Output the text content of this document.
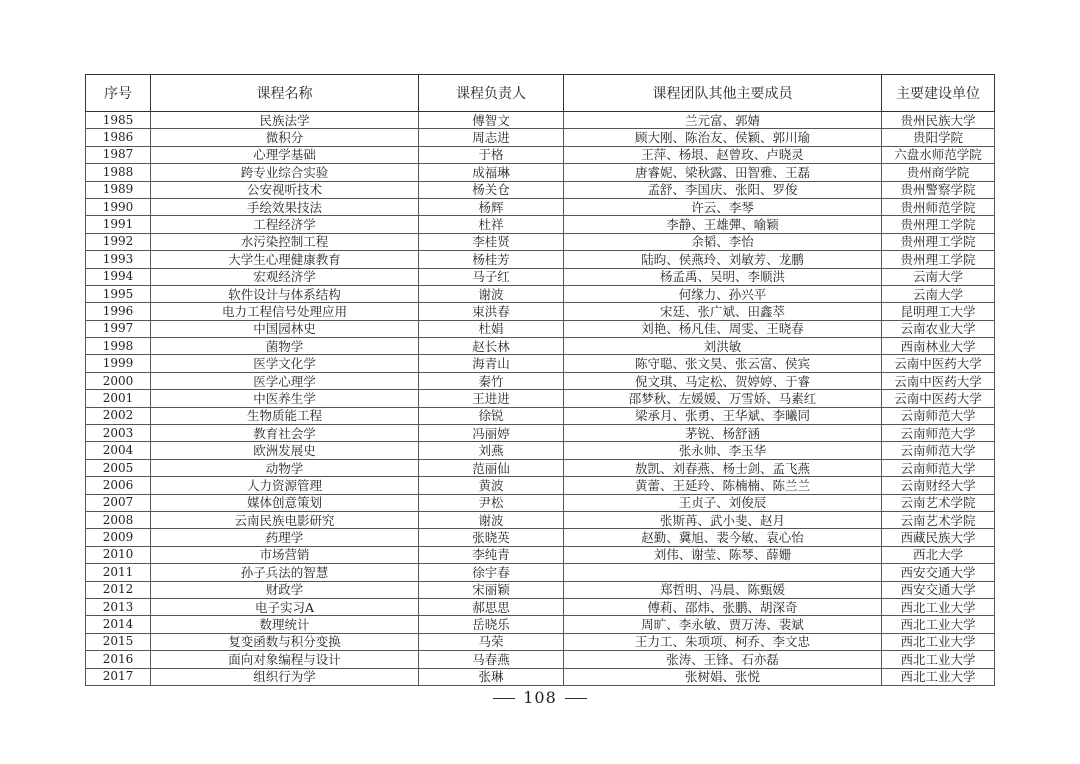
序号	课程名称	课程负责人	课程团队其他主要成员	主要建设单位
1985	民族法学	傅智文	兰元富、郭婧	贵州民族大学
1986	微积分	周志进	顾大刚、陈治友、侯颖、郭川瑜	贵阳学院
1987	心理学基础	于格	王萍、杨垠、赵曾玫、卢晓灵	六盘水师范学院
1988	跨专业综合实验	成福琳	唐睿妮、梁秋露、田智雅、王磊	贵州商学院
1989	公安视听技术	杨关仓	孟舒、李国庆、张阳、罗俊	贵州警察学院
1990	手绘效果技法	杨辉	许云、李琴	贵州师范学院
1991	工程经济学	杜祥	李静、王雄彈、喻颖	贵州理工学院
1992	水污染控制工程	李桂贤	余韬、李怡	贵州理工学院
1993	大学生心理健康教育	杨桂芳	陆昀、侯燕玲、刘敏芳、龙鹏	贵州理工学院
1994	宏观经济学	马子红	杨孟禹、吴明、李顺洪	云南大学
1995	软件设计与体系结构	谢波	何缘力、孙兴平	云南大学
1996	电力工程信号处理应用	束洪春	宋廷、张广斌、田鑫萃	昆明理工大学
1997	中国园林史	杜娟	刘艳、杨凡佳、周雯、王晓春	云南农业大学
1998	菌物学	赵长林	刘洪敏	西南林业大学
1999	医学文化学	海青山	陈守聪、张文昊、张云富、侯宾	云南中医药大学
2000	医学心理学	秦竹	倪文琪、马定松、贺婷婷、于睿	云南中医药大学
2001	中医养生学	王进进	邵梦秋、左媛媛、万雪娇、马素红	云南中医药大学
2002	生物质能工程	徐锐	梁承月、张勇、王华斌、李曦同	云南师范大学
2003	教育社会学	冯丽婷	茅锐、杨舒涵	云南师范大学
2004	欧洲发展史	刘燕	张永帅、李玉华	云南师范大学
2005	动物学	范丽仙	敖凯、刘春燕、杨士剑、孟飞燕	云南师范大学
2006	人力资源管理	黄波	黄蕾、王延玲、陈楠楠、陈兰兰	云南财经大学
2007	媒体创意策划	尹松	王贞子、刘俊辰	云南艺术学院
2008	云南民族电影研究	谢波	张斯苒、武小斐、赵月	云南艺术学院
2009	药理学	张晓英	赵勤、冀旭、裴今敏、袁心怡	西藏民族大学
2010	市场营销	李纯青	刘伟、谢莹、陈琴、薛姗	西北大学
2011	孙子兵法的智慧	徐宇春		西安交通大学
2012	财政学	宋丽颖	郑哲明、冯晨、陈甄媛	西安交通大学
2013	电子实习A	郝思思	傅莉、邵炜、张鹏、胡深奇	西北工业大学
2014	数理统计	岳晓乐	周旷、李永敏、贾万涛、裴斌	西北工业大学
2015	复变函数与积分变换	马荣	王力工、朱项项、柯乔、李文忠	西北工业大学
2016	面向对象编程与设计	马春燕	张涛、王锋、石亦磊	西北工业大学
2017	组织行为学	张琳	张树娟、张悦	西北工业大学
108
